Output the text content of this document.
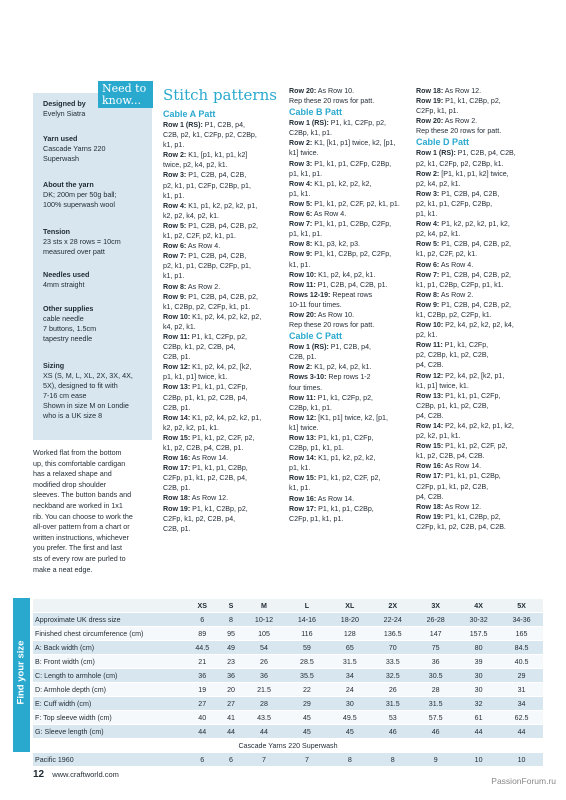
Need to know...
Designed by
Evelyn Siatra
Yarn used
Cascade Yarns 220
Superwash
About the yarn
DK; 200m per 50g ball;
100% superwash wool
Tension
23 sts x 28 rows = 10cm
measured over patt
Needles used
4mm straight
Other supplies
cable needle
7 buttons, 1.5cm
tapestry needle
Sizing
XS (S, M, L, XL, 2X, 3X, 4X,
5X), designed to fit with
7-16 cm ease
Shown in size M on Londie
who is a UK size 8
Worked flat from the bottom
up, this comfortable cardigan
has a relaxed shape and
modified drop shoulder
sleeves. The button bands and
neckband are worked in 1x1
rib. You can choose to work the
all-over pattern from a chart or
written instructions, whichever
you prefer. The first and last
sts of every row are purled to
make a neat edge.
Stitch patterns

Cable A Patt

Row 1 (RS): P1, C2B, p4,

C2B, p2, k1, C2Fp, p2, C2Bp,

k1, p1.

Row 2: K1, [p1, k1, p1, k2]

twice, p2, k4, p2, k1.

Row 3: P1, C2B, p4, C2B,

p2, k1, p1, C2Fp, C2Bp, p1,

k1, p1.

Row 4: K1, p1, k2, p2, k2, p1,

k2, p2, k4, p2, k1.

Row 5: P1, C2B, p4, C2B, p2,

k1, p2, C2F, p2, k1, p1.

Row 6: As Row 4.

Row 7: P1, C2B, p4, C2B,

p2, k1, p1, C2Bp, C2Fp, p1,

k1, p1.

Row 8: As Row 2.

Row 9: P1, C2B, p4, C2B, p2,

k1, C2Bp, p2, C2Fp, k1, p1.

Row 10: K1, p2, k4, p2, k2, p2,

k4, p2, k1.

Row 11: P1, k1, C2Fp, p2,

C2Bp, k1, p2, C2B, p4,

C2B, p1.

Row 12: K1, p2, k4, p2, [k2,

p1, k1, p1] twice, k1.

Row 13: P1, k1, p1, C2Fp,

C2Bp, p1, k1, p2, C2B, p4,

C2B, p1.

Row 14: K1, p2, k4, p2, k2, p1,

k2, p2, k2, p1, k1.

Row 15: P1, k1, p2, C2F, p2,

k1, p2, C2B, p4, C2B, p1.

Row 16: As Row 14.

Row 17: P1, k1, p1, C2Bp,

C2Fp, p1, k1, p2, C2B, p4,

C2B, p1.

Row 18: As Row 12.

Row 19: P1, k1, C2Bp, p2,

C2Fp, k1, p2, C2B, p4,

C2B, p1.

Row 20: As Row 10.

Rep these 20 rows for patt.

Cable B Patt

Row 1 (RS): P1, k1, C2Fp, p2,

C2Bp, k1, p1.

Row 2: K1, [k1, p1] twice, k2, [p1,

k1] twice.

Row 3: P1, k1, p1, C2Fp, C2Bp,

p1, k1, p1.

Row 4: K1, p1, k2, p2, k2,

p1, k1.

Row 5: P1, k1, p2, C2F, p2, k1, p1.

Row 6: As Row 4.

Row 7: P1, k1, p1, C2Bp, C2Fp,

p1, k1, p1.

Row 8: K1, p3, k2, p3.

Row 9: P1, k1, C2Bp, p2, C2Fp,

k1, p1.

Row 10: K1, p2, k4, p2, k1.

Row 11: P1, C2B, p4, C2B, p1.

Rows 12-19: Repeat rows

10-11 four times.

Row 20: As Row 10.

Rep these 20 rows for patt.

Cable C Patt

Row 1 (RS): P1, C2B, p4,

C2B, p1.

Row 2: K1, p2, k4, p2, k1.

Rows 3-10: Rep rows 1-2

four times.

Row 11: P1, k1, C2Fp, p2,

C2Bp, k1, p1.

Row 12: [K1, p1] twice, k2, [p1,

k1] twice.

Row 13: P1, k1, p1, C2Fp,

C2Bp, p1, k1, p1.

Row 14: K1, p1, k2, p2, k2,

p1, k1.

Row 15: P1, k1, p2, C2F, p2,

k1, p1.

Row 16: As Row 14.

Row 17: P1, k1, p1, C2Bp,

C2Fp, p1, k1, p1.

Row 18: As Row 12.

Row 19: P1, k1, C2Bp, p2,

C2Fp, k1, p1.

Row 20: As Row 2.

Rep these 20 rows for patt.

Cable D Patt

Row 1 (RS): P1, C2B, p4, C2B,

p2, k1, C2Fp, p2, C2Bp, k1.

Row 2: [P1, k1, p1, k2] twice,

p2, k4, p2, k1.

Row 3: P1, C2B, p4, C2B,

p2, k1, p1, C2Fp, C2Bp,

p1, k1.

Row 4: P1, k2, p2, k2, p1, k2,

p2, k4, p2, k1.

Row 5: P1, C2B, p4, C2B, p2,

k1, p2, C2F, p2, k1.

Row 6: As Row 4.

Row 7: P1, C2B, p4, C2B, p2,

k1, p1, C2Bp, C2Fp, p1, k1.

Row 8: As Row 2.

Row 9: P1, C2B, p4, C2B, p2,

k1, C2Bp, p2, C2Fp, k1.

Row 10: P2, k4, p2, k2, p2, k4,

p2, k1.

Row 11: P1, k1, C2Fp,

p2, C2Bp, k1, p2, C2B,

p4, C2B.

Row 12: P2, k4, p2, [k2, p1,

k1, p1] twice, k1.

Row 13: P1, k1, p1, C2Fp,

C2Bp, p1, k1, p2, C2B,

p4, C2B.

Row 14: P2, k4, p2, k2, p1, k2,

p2, k2, p1, k1.

Row 15: P1, k1, p2, C2F, p2,

k1, p2, C2B, p4, C2B.

Row 16: As Row 14.

Row 17: P1, k1, p1, C2Bp,

C2Fp, p1, k1, p2, C2B,

p4, C2B.

Row 18: As Row 12.

Row 19: P1, k1, C2Bp, p2,

C2Fp, k1, p2, C2B, p4, C2B.

Find your size
	XS	S	M	L	XL	2X	3X	4X	5X
Approximate UK dress size	6	8	10-12	14-16	18-20	22-24	26-28	30-32	34-36
Finished chest circumference (cm)	89	95	105	116	128	136.5	147	157.5	165
A: Back width (cm)	44.5	49	54	59	65	70	75	80	84.5
B: Front width (cm)	21	23	26	28.5	31.5	33.5	36	39	40.5
C: Length to armhole (cm)	36	36	36	35.5	34	32.5	30.5	30	29
D: Armhole depth (cm)	19	20	21.5	22	24	26	28	30	31
E: Cuff width (cm)	27	27	28	29	30	31.5	31.5	32	34
F: Top sleeve width (cm)	40	41	43.5	45	49.5	53	57.5	61	62.5
G: Sleeve length (cm)	44	44	44	45	45	46	46	44	44
Cascade Yarns 220 Superwash									
Pacific 1960	6	6	7	7	8	8	9	10	10
12 www.craftworld.com
PassionForum.ru
